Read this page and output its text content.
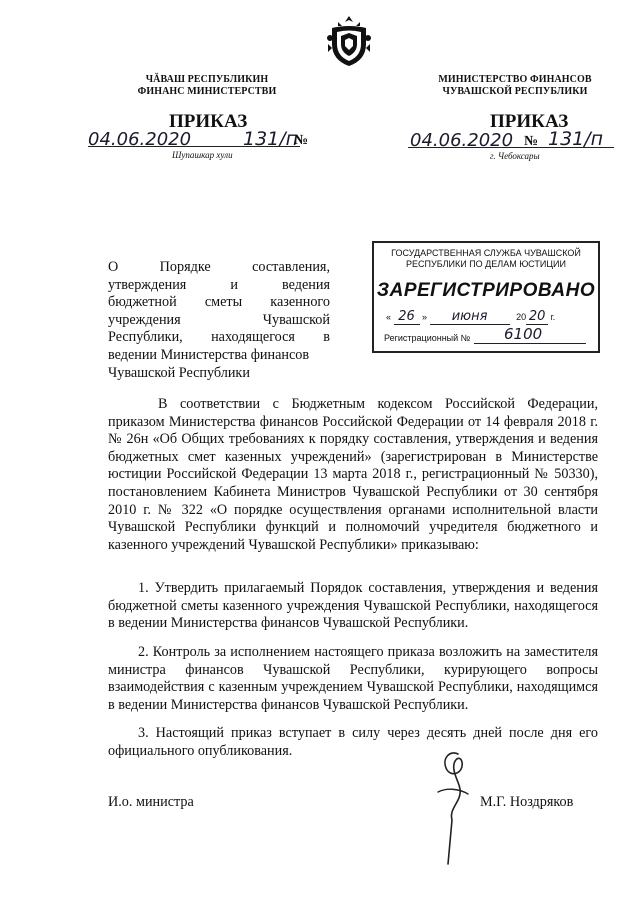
ЧĂВАШ РЕСПУБЛИКИН
ФИНАНС МИНИСТЕРСТВИ
МИНИСТЕРСТВО ФИНАНСОВ
ЧУВАШСКОЙ РЕСПУБЛИКИ
ПРИКАЗ	ПРИКАЗ
04.06.2020	131/п
№
Шупашкар хули
04.06.2020 № 131/п
г. Чебоксары
О Порядке составления,
утверждения и ведения
бюджетной сметы казенного
учреждения Чувашской
Республики, находящегося в
ведении Министерства финансов
Чувашской Республики
ГОСУДАРСТВЕННАЯ СЛУЖБА ЧУВАШСКОЙ
РЕСПУБЛИКИ ПО ДЕЛАМ ЮСТИЦИИ
ЗАРЕГИСТРИРОВАНО
« 26 » июня	20 20 г.
Регистрационный № 6100
В соответствии с Бюджетным кодексом Российской Федерации, приказом Министерства финансов Российской Федерации от 14 февраля 2018 г. № 26н «Об Общих требованиях к порядку составления, утверждения и ведения бюджетных смет казенных учреждений» (зарегистрирован в Министерстве юстиции Российской Федерации 13 марта 2018 г., регистрационный № 50330), постановлением Кабинета Министров Чувашской Республики от 30 сентября 2010 г. № 322 «О порядке осуществления органами исполнительной власти Чувашской Республики функций и полномочий учредителя бюджетного и казенного учреждений Чувашской Республики» приказываю:
1. Утвердить прилагаемый Порядок составления, утверждения и ведения бюджетной сметы казенного учреждения Чувашской Республики, находящегося в ведении Министерства финансов Чувашской Республики.
2. Контроль за исполнением настоящего приказа возложить на заместителя министра финансов Чувашской Республики, курирующего вопросы взаимодействия с казенным учреждением Чувашской Республики, находящимся в ведении Министерства финансов Чувашской Республики.
3. Настоящий приказ вступает в силу через десять дней после дня его официального опубликования.
И.о. министра	М.Г. Ноздряков
